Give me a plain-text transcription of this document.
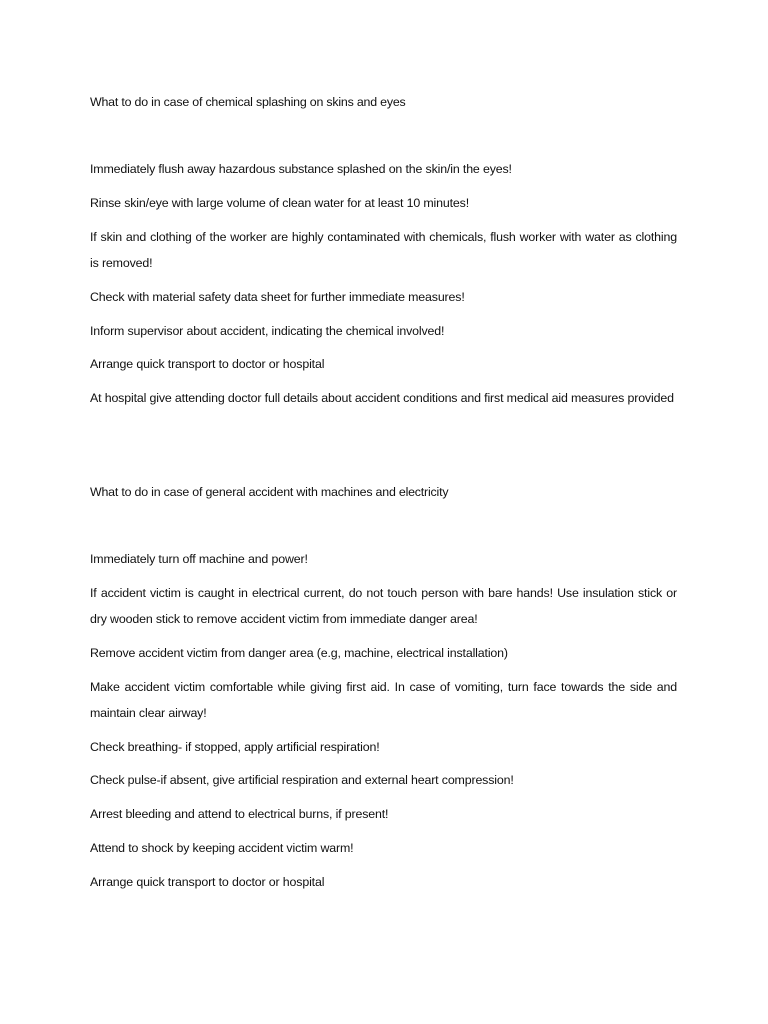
What to do in case of chemical splashing on skins and eyes
Immediately flush away hazardous substance splashed on the skin/in the eyes!
Rinse skin/eye with large volume of clean water for at least 10 minutes!
If skin and clothing of the worker are highly contaminated with chemicals, flush worker with water as clothing is removed!
Check with material safety data sheet for further immediate measures!
Inform supervisor about accident, indicating the chemical involved!
Arrange quick transport to doctor or hospital
At hospital give attending doctor full details about accident conditions and first medical aid measures provided
What to do in case of general accident with machines and electricity
Immediately turn off machine and power!
If accident victim is caught in electrical current, do not touch person with bare hands! Use insulation stick or dry wooden stick to remove accident victim from immediate danger area!
Remove accident victim from danger area (e.g, machine, electrical installation)
Make accident victim comfortable while giving first aid. In case of vomiting, turn face towards the side and maintain clear airway!
Check breathing- if stopped, apply artificial respiration!
Check pulse-if absent, give artificial respiration and external heart compression!
Arrest bleeding and attend to electrical burns, if present!
Attend to shock by keeping accident victim warm!
Arrange quick transport to doctor or hospital
